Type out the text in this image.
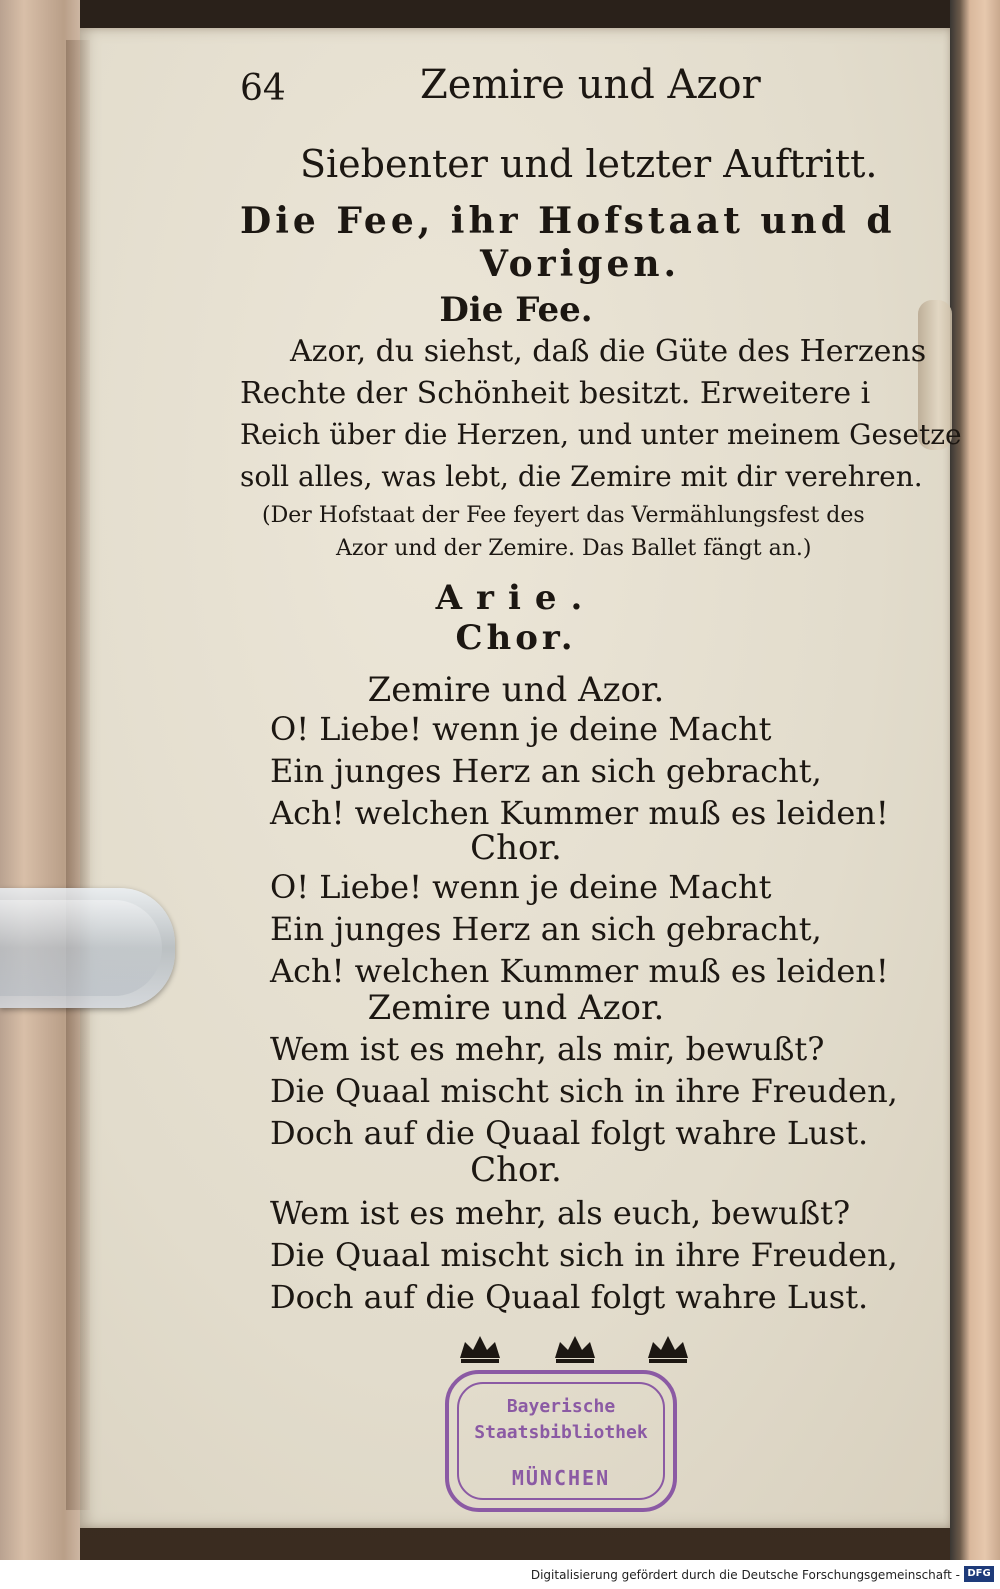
64	Zemire und Azor
Siebenter und letzter Auftritt.
Die Fee, ihr Hofstaat und d
Vorigen.
Die Fee.
Azor, du siehst, daß die Güte des Herzens
Rechte der Schönheit besitzt. Erweitere i
Reich über die Herzen, und unter meinem Gesetze
soll alles, was lebt, die Zemire mit dir verehren.
(Der Hofstaat der Fee feyert das Vermählungsfest des
Azor und der Zemire. Das Ballet fängt an.)
Arie.
Chor.
Zemire und Azor.
O! Liebe! wenn je deine Macht
Ein junges Herz an sich gebracht,
Ach! welchen Kummer muß es leiden!
Chor.
O! Liebe! wenn je deine Macht
Ein junges Herz an sich gebracht,
Ach! welchen Kummer muß es leiden!
Zemire und Azor.
Wem ist es mehr, als mir, bewußt?
Die Quaal mischt sich in ihre Freuden,
Doch auf die Quaal folgt wahre Lust.
Chor.
Wem ist es mehr, als euch, bewußt?
Die Quaal mischt sich in ihre Freuden,
Doch auf die Quaal folgt wahre Lust.
Bayerische
Staatsbibliothek
MÜNCHEN
Digitalisierung gefördert durch die Deutsche Forschungsgemeinschaft - DFG
